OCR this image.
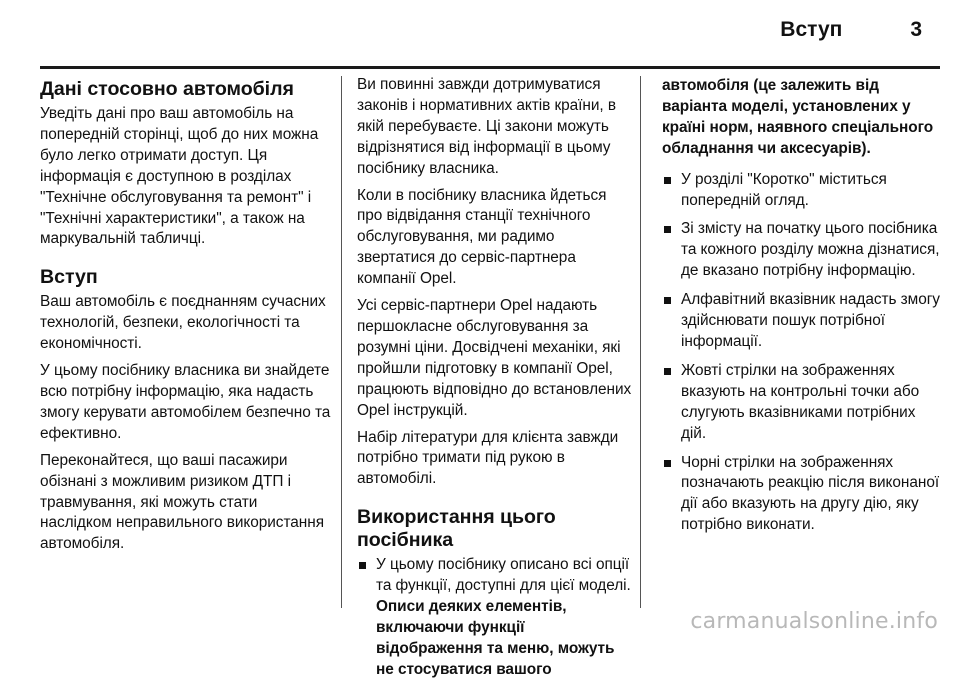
Вступ	3
Дані стосовно автомобіля

Уведіть дані про ваш автомобіль на попередній сторінці, щоб до них можна було легко отримати доступ. Ця інформація є доступною в розділах "Технічне обслуговування та ремонт" і "Технічні характеристики", а також на маркувальній табличці.

Вступ

Ваш автомобіль є поєднанням сучасних технологій, безпеки, екологічності та економічності.

У цьому посібнику власника ви знайдете всю потрібну інформацію, яка надасть змогу керувати автомобілем безпечно та ефективно.

Переконайтеся, що ваші пасажири обізнані з можливим ризиком ДТП і травмування, які можуть стати наслідком неправильного використання автомобіля.

Ви повинні завжди дотримуватися законів і нормативних актів країни, в якій перебуваєте. Ці закони можуть відрізнятися від інформації в цьому посібнику власника.

Коли в посібнику власника йдеться про відвідання станції технічного обслуговування, ми радимо звертатися до сервіс-партнера компанії Opel.

Усі сервіс-партнери Opel надають першокласне обслуговування за розумні ціни. Досвідчені механіки, які пройшли підготовку в компанії Opel, працюють відповідно до встановлених Opel інструкцій.

Набір літератури для клієнта завжди потрібно тримати під рукою в автомобілі.

Використання цього посібника
У цьому посібнику описано всі опції та функції, доступні для цієї моделі. Описи деяких елементів, включаючи функції відображення та меню, можуть не стосуватися вашого

автомобіля (це залежить від варіанта моделі, установлених у країні норм, наявного спеціального обладнання чи аксесуарів).

У розділі "Коротко" міститься попередній огляд.
Зі змісту на початку цього посібника та кожного розділу можна дізнатися, де вказано потрібну інформацію.
Алфавітний вказівник надасть змогу здійснювати пошук потрібної інформації.
Жовті стрілки на зображеннях вказують на контрольні точки або слугують вказівниками потрібних дій.
Чорні стрілки на зображеннях позначають реакцію після виконаної дії або вказують на другу дію, яку потрібно виконати.
carmanualsonline.info
